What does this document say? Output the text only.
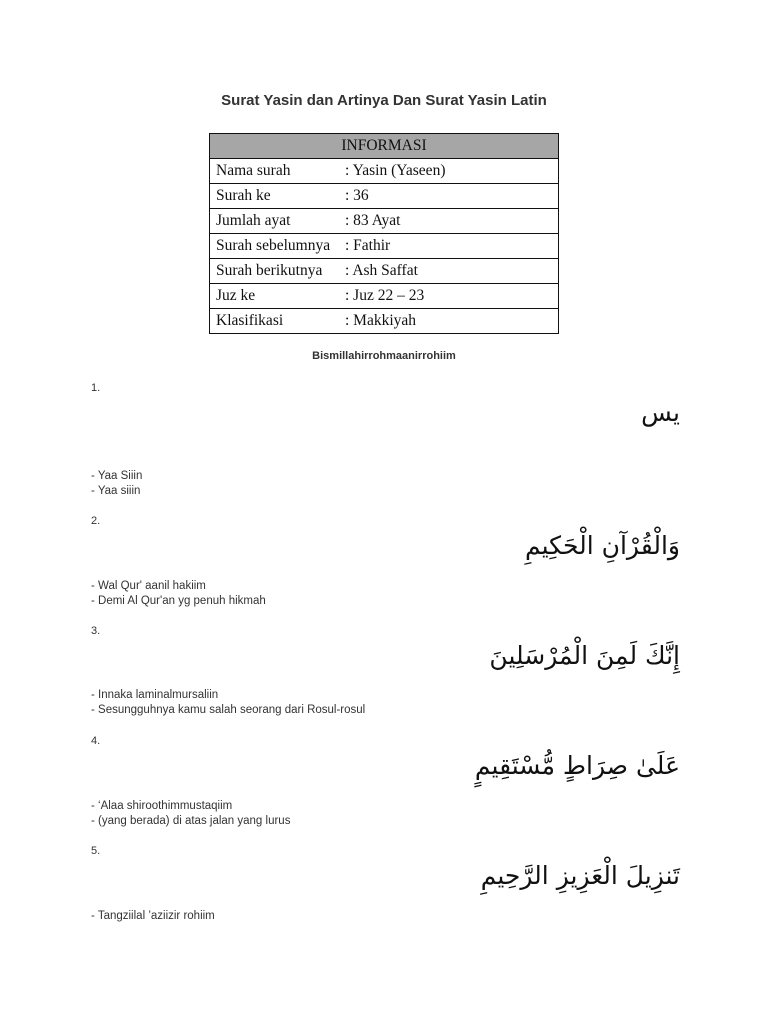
Surat Yasin dan Artinya Dan Surat Yasin Latin
INFORMASI	
Nama surah	: Yasin (Yaseen)
Surah ke	: 36
Jumlah ayat	: 83 Ayat
Surah sebelumnya	: Fathir
Surah berikutnya	: Ash Saffat
Juz ke	: Juz 22 – 23
Klasifikasi	: Makkiyah
Bismillahirrohmaanirrohiim
1.
يس
- Yaa Siiin
- Yaa siiin
2.
وَالْقُرْآنِ الْحَكِيمِ
- Wal Qur' aanil hakiim
- Demi Al Qur'an yg penuh hikmah
3.
إِنَّكَ لَمِنَ الْمُرْسَلِينَ
- Innaka laminalmursaliin
- Sesungguhnya kamu salah seorang dari Rosul-rosul
4.
عَلَىٰ صِرَاطٍ مُّسْتَقِيمٍ
- ‘Alaa shiroothimmustaqiim
- (yang berada) di atas jalan yang lurus
5.
تَنزِيلَ الْعَزِيزِ الرَّحِيمِ
- Tangziilal ’aziizir rohiim
